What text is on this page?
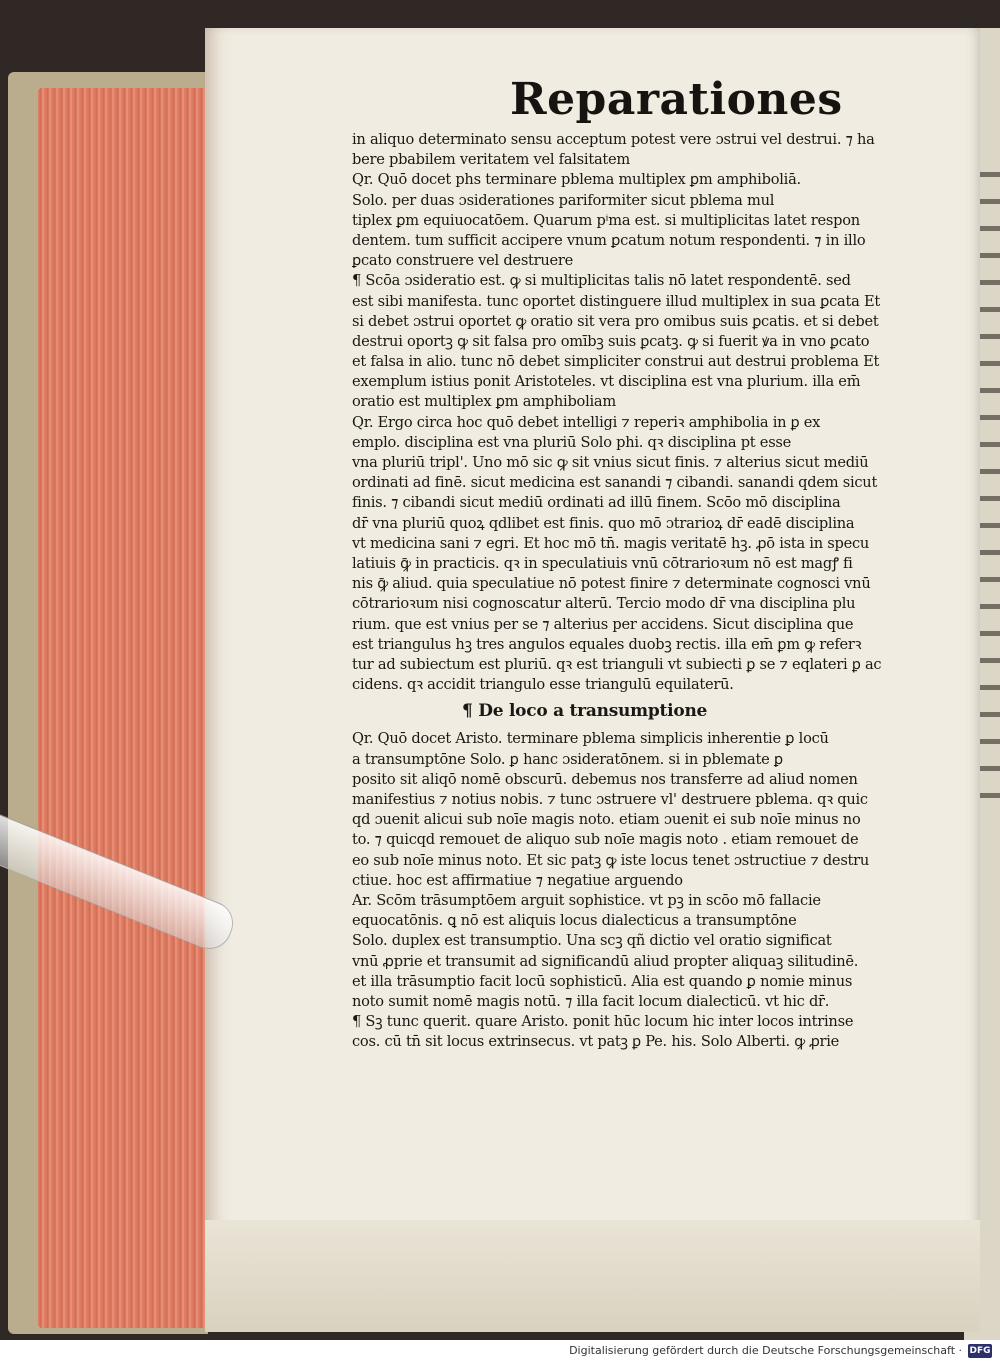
Reparationes
in aliquo determinato sensu acceptum potest vere ɔstrui vel destrui. ⁊ ha
bere pbabilem veritatem vel falsitatem
Qr. Quō docet phs terminare pblema multiplex ꝑm amphiboliā.
Solo. per duas ɔsiderationes pariformiter sicut pblema mul
tiplex ꝑm equiuocatōem. Quarum pⁱma est. si multiplicitas latet respon
dentem. tum sufficit accipere vnum ꝑcatum notum respondenti. ⁊ in illo
ꝑcato construere vel destruere
¶ Scōa ɔsideratio est. ꝙ si multiplicitas talis nō latet respondentē. sed
est sibi manifesta. tunc oportet distinguere illud multiplex in sua ꝑcata Et
si debet ɔstrui oportet ꝙ oratio sit vera pro omibus suis ꝑcatis. et si debet
destrui oportꝫ ꝙ sit falsa pro omībꝫ suis ꝑcatꝫ. ꝙ si fuerit ꝟa in vno ꝑcato
et falsa in alio. tunc nō debet simpliciter construi aut destrui problema Et
exemplum istius ponit Aristoteles. vt disciplina est vna plurium. illa em̄
oratio est multiplex ꝑm amphiboliam
Qr. Ergo circa hoc quō debet intelligi ⁊ reperiꝛ amphibolia in ꝑ ex
emplo. disciplina est vna pluriū Solo phi. qꝛ disciplina pt esse
vna pluriū tripl'. Uno mō sic ꝙ sit vnius sicut finis. ⁊ alterius sicut mediū
ordinati ad finē. sicut medicina est sanandi ⁊ cibandi. sanandi qdem sicut
finis. ⁊ cibandi sicut mediū ordinati ad illū finem. Scōo mō disciplina
dr̄ vna pluriū quoꝝ qdlibet est finis. quo mō ɔtrarioꝝ dr̄ eadē disciplina
vt medicina sani ⁊ egri. Et hoc mō tn̄. magis veritatē hꝫ. ꝓō ista in specu
latiuis ꝙ̄ in practicis. qꝛ in speculatiuis vnū cōtrarioꝛum nō est magꝭ fi
nis ꝙ̄ aliud. quia speculatiue nō potest finire ⁊ determinate cognosci vnū
cōtrarioꝛum nisi cognoscatur alterū. Tercio modo dr̄ vna disciplina plu
rium. que est vnius per se ⁊ alterius per accidens. Sicut disciplina que
est triangulus hꝫ tres angulos equales duobꝫ rectis. illa em̄ ꝑm ꝙ referꝛ
tur ad subiectum est pluriū. qꝛ est trianguli vt subiecti ꝑ se ⁊ eqlateri ꝑ ac
cidens. qꝛ accidit triangulo esse triangulū equilaterū.
¶ De loco a transumptione
Qr. Quō docet Aristo. terminare pblema simplicis inherentie ꝑ locū
a transumptōne Solo. ꝑ hanc ɔsideratōnem. si in pblemate ꝑ
posito sit aliqō nomē obscurū. debemus nos transferre ad aliud nomen
manifestius ⁊ notius nobis. ⁊ tunc ɔstruere vl' destruere pblema. qꝛ quic
qd ɔuenit alicui sub noīe magis noto. etiam ɔuenit ei sub noīe minus no
to. ⁊ quicqd remouet de aliquo sub noīe magis noto . etiam remouet de
eo sub noīe minus noto. Et sic patꝫ ꝙ iste locus tenet ɔstructiue ⁊ destru
ctiue. hoc est affirmatiue ⁊ negatiue arguendo
Ar. Scōm trāsumptōem arguit sophistice. vt pꝫ in scōo mō fallacie
equocatōnis. ꝗ nō est aliquis locus dialecticus a transumptōne
Solo. duplex est transumptio. Una scꝫ qñ dictio vel oratio significat
vnū ꝓprie et transumit ad significandū aliud propter aliquaꝫ silitudinē.
et illa trāsumptio facit locū sophisticū. Alia est quando ꝑ nomie minus
noto sumit nomē magis notū. ⁊ illa facit locum dialecticū. vt hic dr̄.
¶ Sꝫ tunc querit. quare Aristo. ponit hūc locum hic inter locos intrinse
cos. cū tn̄ sit locus extrinsecus. vt patꝫ ꝑ Pe. his. Solo Alberti. ꝙ ꝓrie
Digitalisierung gefördert durch die Deutsche Forschungsgemeinschaft · DFG
